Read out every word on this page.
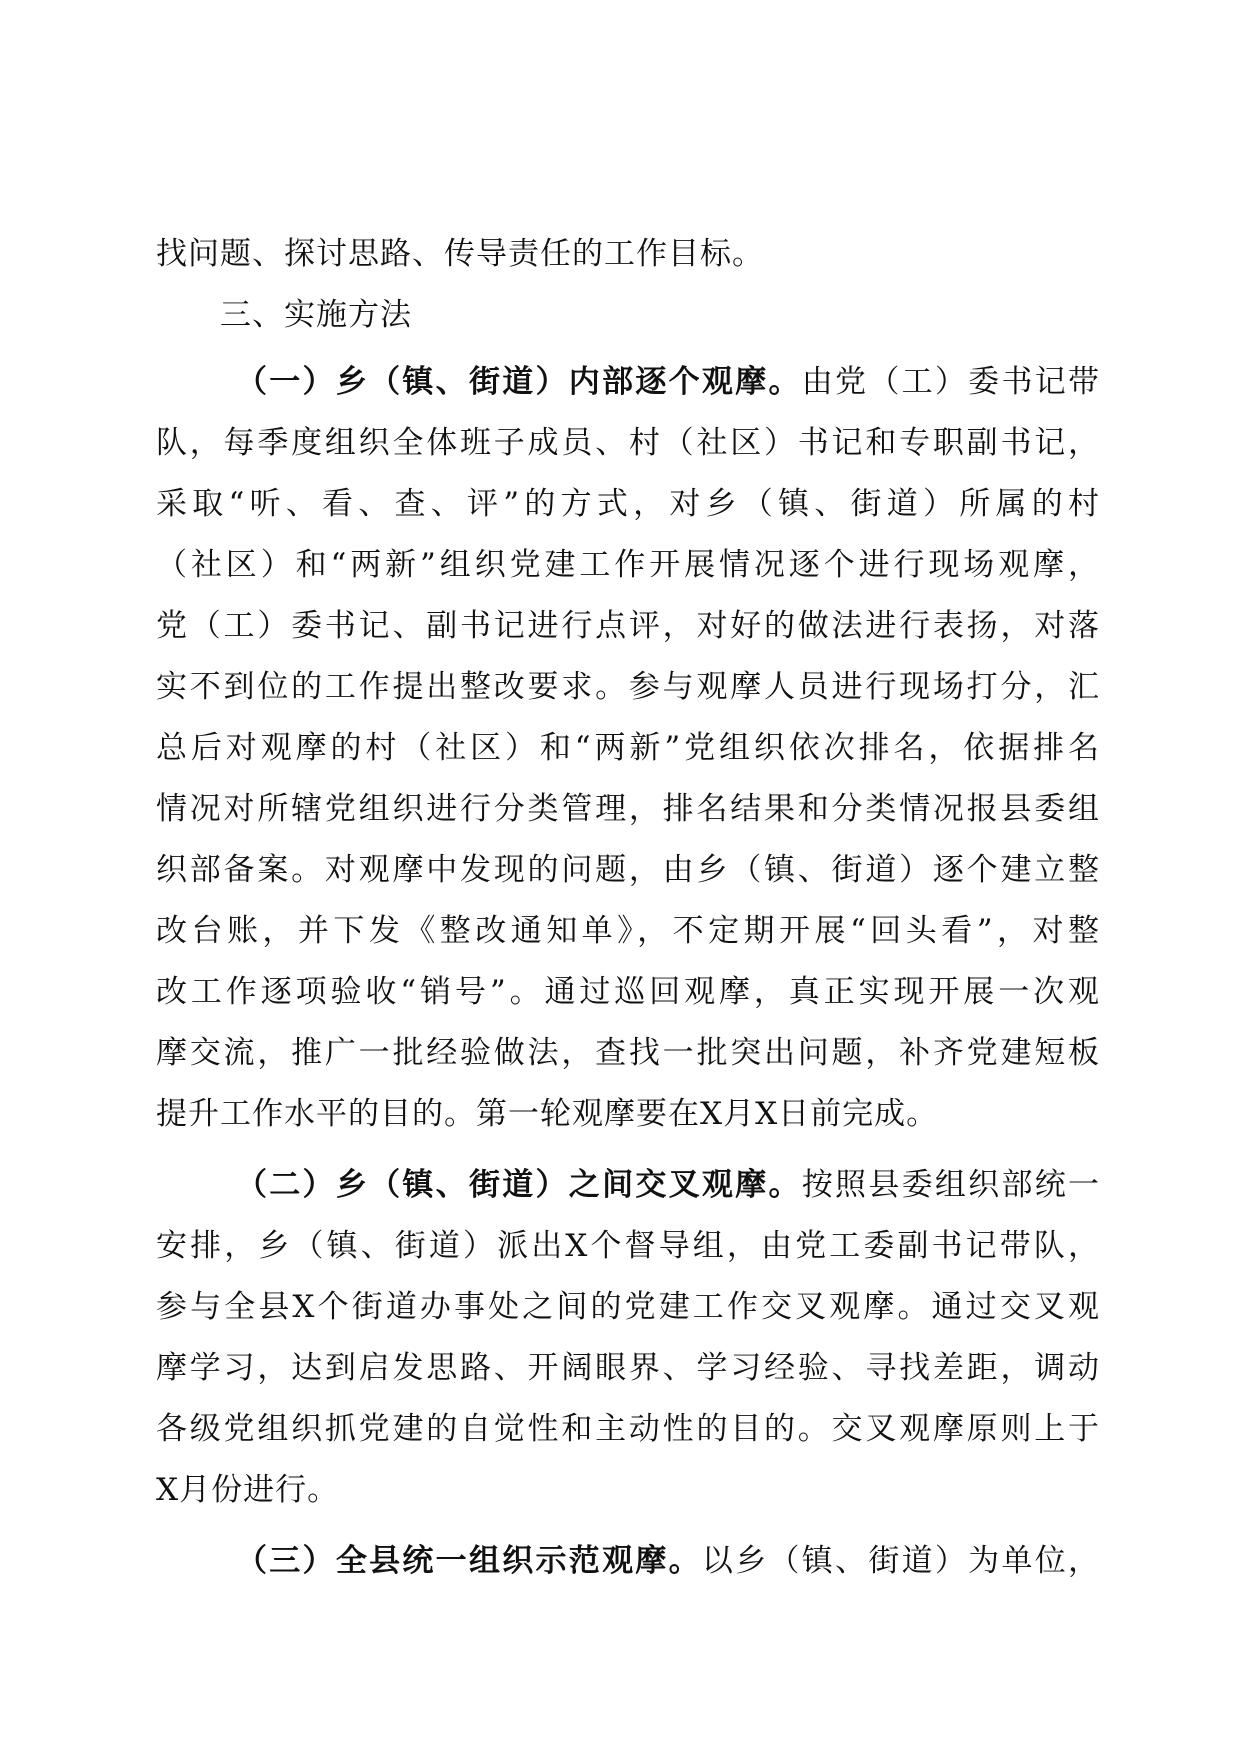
找问题、探讨思路、传导责任的工作目标。
三、实施方法
（一）乡（镇、街道）内部逐个观摩。由党（工）委书记带
队，每季度组织全体班子成员、村（社区）书记和专职副书记，
采取“听、看、查、评”的方式，对乡（镇、街道）所属的村
（社区）和“两新”组织党建工作开展情况逐个进行现场观摩，
党（工）委书记、副书记进行点评，对好的做法进行表扬，对落
实不到位的工作提出整改要求。参与观摩人员进行现场打分，汇
总后对观摩的村（社区）和“两新”党组织依次排名，依据排名
情况对所辖党组织进行分类管理，排名结果和分类情况报县委组
织部备案。对观摩中发现的问题，由乡（镇、街道）逐个建立整
改台账，并下发《整改通知单》，不定期开展“回头看”，对整
改工作逐项验收“销号”。通过巡回观摩，真正实现开展一次观
摩交流，推广一批经验做法，查找一批突出问题，补齐党建短板
提升工作水平的目的。第一轮观摩要在X月X日前完成。
（二）乡（镇、街道）之间交叉观摩。按照县委组织部统一
安排，乡（镇、街道）派出X个督导组，由党工委副书记带队，
参与全县X个街道办事处之间的党建工作交叉观摩。通过交叉观
摩学习，达到启发思路、开阔眼界、学习经验、寻找差距，调动
各级党组织抓党建的自觉性和主动性的目的。交叉观摩原则上于
X月份进行。
（三）全县统一组织示范观摩。以乡（镇、街道）为单位，
